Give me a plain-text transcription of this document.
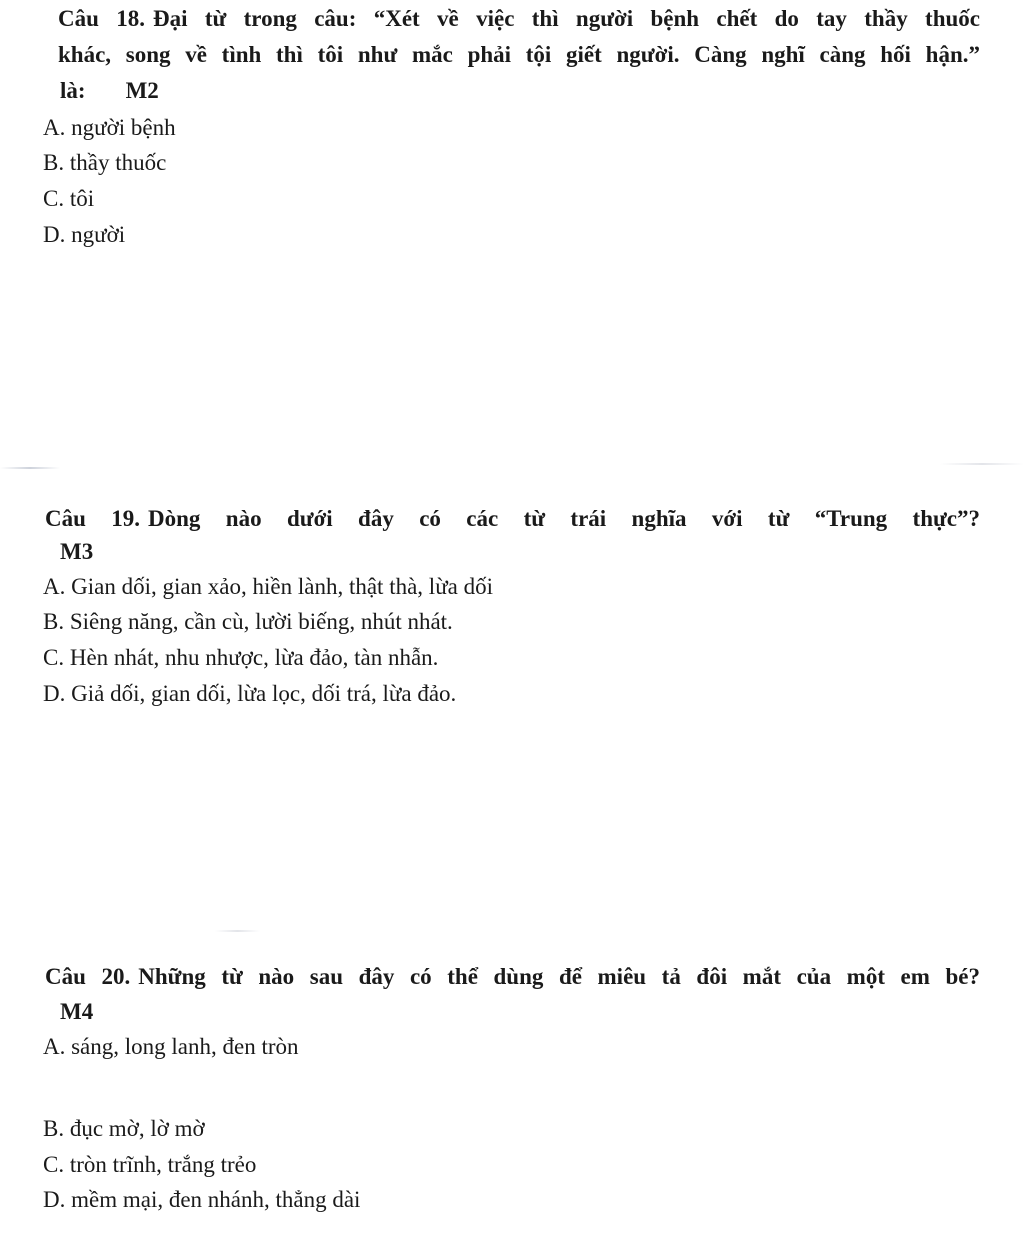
Câu 18. Đại từ trong câu: “Xét về việc thì người bệnh chết do tay thầy thuốc

khác, song về tình thì tôi như mắc phải tội giết người. Càng nghĩ càng hối hận.”

là: M2
A. người bệnh
B. thầy thuốc
C. tôi
D. người

Câu 19. Dòng nào dưới đây có các từ trái nghĩa với từ “Trung thực”?

M3
A. Gian dối, gian xảo, hiền lành, thật thà, lừa dối
B. Siêng năng, cần cù, lười biếng, nhút nhát.
C. Hèn nhát, nhu nhược, lừa đảo, tàn nhẫn.
D. Giả dối, gian dối, lừa lọc, dối trá, lừa đảo.

Câu 20. Những từ nào sau đây có thể dùng để miêu tả đôi mắt của một em bé?

M4
A. sáng, long lanh, đen tròn
B. đục mờ, lờ mờ
C. tròn trĩnh, trắng trẻo
D. mềm mại, đen nhánh, thẳng dài
